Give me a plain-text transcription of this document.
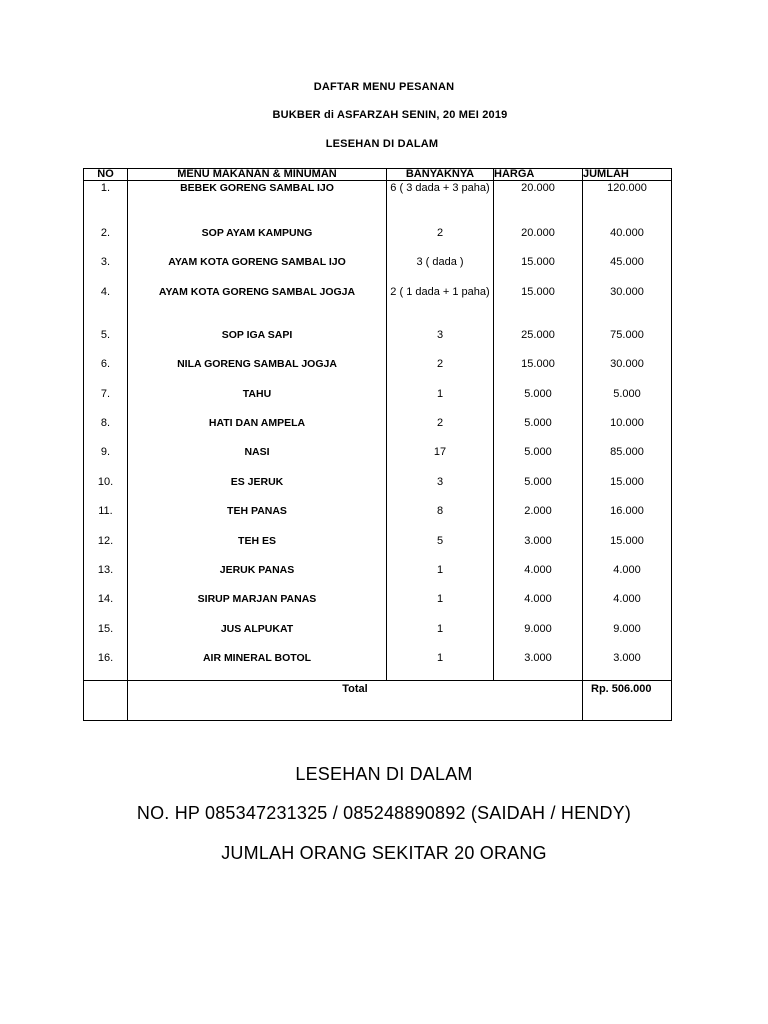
DAFTAR MENU PESANAN
BUKBER di ASFARZAH SENIN, 20 MEI 2019
LESEHAN DI DALAM
NO	MENU MAKANAN & MINUMAN	BANYAKNYA	HARGA	JUMLAH
1.	BEBEK GORENG SAMBAL IJO	6 ( 3 dada + 3 paha)	20.000	120.000
2.	SOP AYAM KAMPUNG	2	20.000	40.000
3.	AYAM KOTA GORENG SAMBAL IJO	3 ( dada )	15.000	45.000
4.	AYAM KOTA GORENG SAMBAL JOGJA	2 ( 1 dada + 1 paha)	15.000	30.000
5.	SOP IGA SAPI	3	25.000	75.000
6.	NILA GORENG SAMBAL JOGJA	2	15.000	30.000
7.	TAHU	1	5.000	5.000
8.	HATI DAN AMPELA	2	5.000	10.000
9.	NASI	17	5.000	85.000
10.	ES JERUK	3	5.000	15.000
11.	TEH PANAS	8	2.000	16.000
12.	TEH ES	5	3.000	15.000
13.	JERUK PANAS	1	4.000	4.000
14.	SIRUP MARJAN PANAS	1	4.000	4.000
15.	JUS ALPUKAT	1	9.000	9.000
16.	AIR MINERAL BOTOL	1	3.000	3.000
	Total			Rp. 506.000
LESEHAN DI DALAM
NO. HP 085347231325 / 085248890892 (SAIDAH / HENDY)
JUMLAH ORANG SEKITAR 20 ORANG
